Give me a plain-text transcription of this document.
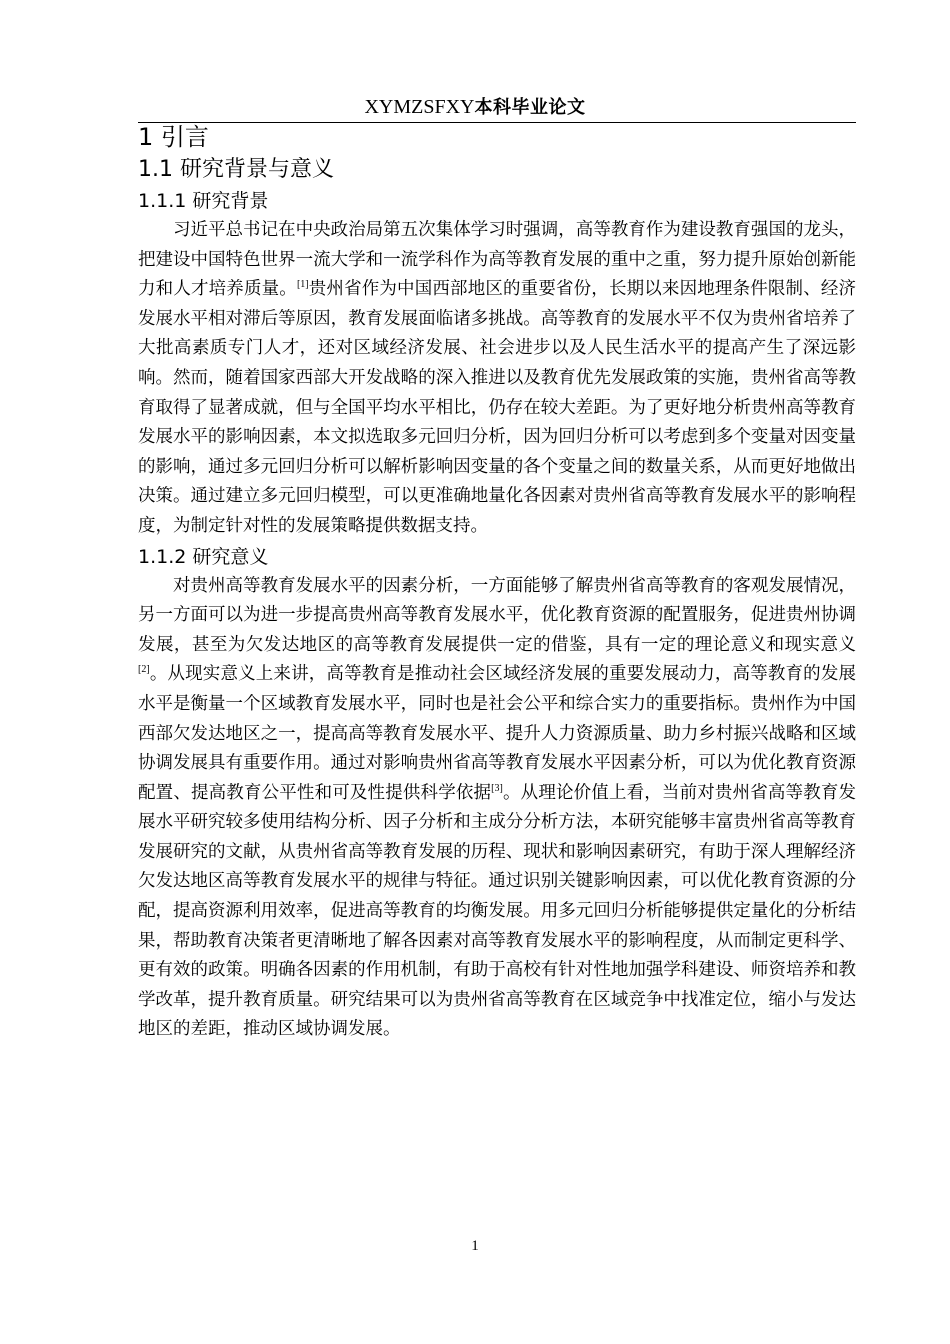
XYMZSFXY本科毕业论文
1 引言
1.1 研究背景与意义
1.1.1 研究背景

习近平总书记在中央政治局第五次集体学习时强调，高等教育作为建设教育强国的龙头，把建设中国特色世界一流大学和一流学科作为高等教育发展的重中之重，努力提升原始创新能力和人才培养质量。[1]贵州省作为中国西部地区的重要省份，长期以来因地理条件限制、经济发展水平相对滞后等原因，教育发展面临诸多挑战。高等教育的发展水平不仅为贵州省培养了大批高素质专门人才，还对区域经济发展、社会进步以及人民生活水平的提高产生了深远影响。然而，随着国家西部大开发战略的深入推进以及教育优先发展政策的实施，贵州省高等教育取得了显著成就，但与全国平均水平相比，仍存在较大差距。为了更好地分析贵州高等教育发展水平的影响因素，本文拟选取多元回归分析，因为回归分析可以考虑到多个变量对因变量的影响，通过多元回归分析可以解析影响因变量的各个变量之间的数量关系，从而更好地做出决策。通过建立多元回归模型，可以更准确地量化各因素对贵州省高等教育发展水平的影响程度，为制定针对性的发展策略提供数据支持。

1.1.2 研究意义

对贵州高等教育发展水平的因素分析，一方面能够了解贵州省高等教育的客观发展情况，另一方面可以为进一步提高贵州高等教育发展水平，优化教育资源的配置服务，促进贵州协调发展，甚至为欠发达地区的高等教育发展提供一定的借鉴，具有一定的理论意义和现实意义[2]。从现实意义上来讲，高等教育是推动社会区域经济发展的重要发展动力，高等教育的发展水平是衡量一个区域教育发展水平，同时也是社会公平和综合实力的重要指标。贵州作为中国西部欠发达地区之一，提高高等教育发展水平、提升人力资源质量、助力乡村振兴战略和区域协调发展具有重要作用。通过对影响贵州省高等教育发展水平因素分析，可以为优化教育资源配置、提高教育公平性和可及性提供科学依据[3]。从理论价值上看，当前对贵州省高等教育发展水平研究较多使用结构分析、因子分析和主成分分析方法，本研究能够丰富贵州省高等教育发展研究的文献，从贵州省高等教育发展的历程、现状和影响因素研究，有助于深人理解经济欠发达地区高等教育发展水平的规律与特征。通过识别关键影响因素，可以优化教育资源的分配，提高资源利用效率，促进高等教育的均衡发展。用多元回归分析能够提供定量化的分析结果，帮助教育决策者更清晰地了解各因素对高等教育发展水平的影响程度，从而制定更科学、更有效的政策。明确各因素的作用机制，有助于高校有针对性地加强学科建设、师资培养和教学改革，提升教育质量。研究结果可以为贵州省高等教育在区域竞争中找准定位，缩小与发达地区的差距，推动区域协调发展。

1
